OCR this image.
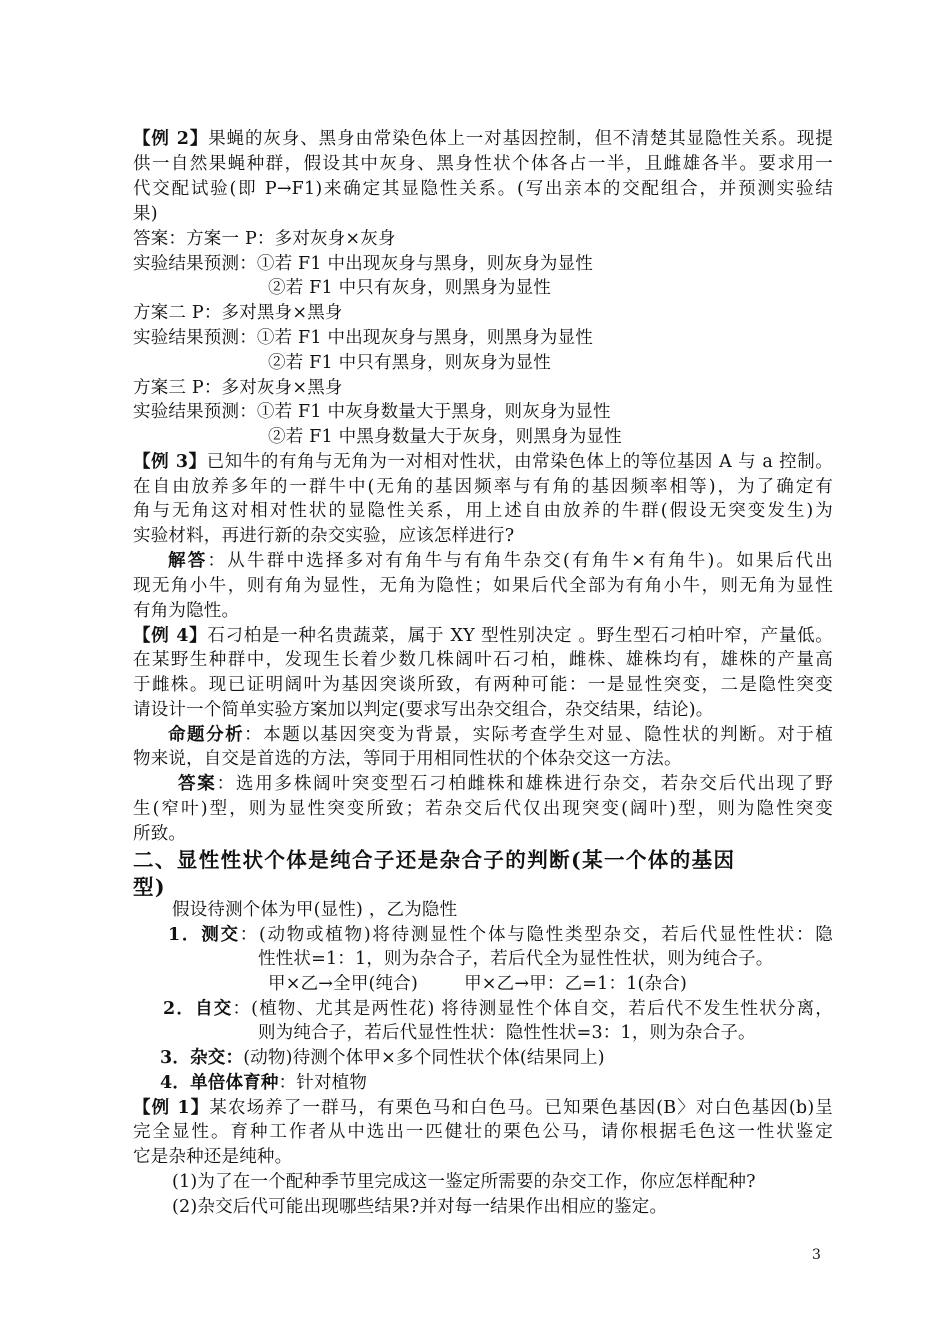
【例 2】果蝇的灰身、黑身由常染色体上一对基因控制，但不清楚其显隐性关系。现提
供一自然果蝇种群，假设其中灰身、黑身性状个体各占一半，且雌雄各半。要求用一
代交配试验(即 P→F1)来确定其显隐性关系。(写出亲本的交配组合，并预测实验结
果)
答案：方案一 P：多对灰身×灰身
实验结果预测：①若 F1 中出现灰身与黑身，则灰身为显性
②若 F1 中只有灰身，则黑身为显性
方案二 P：多对黑身×黑身
实验结果预测：①若 F1 中出现灰身与黑身，则黑身为显性
②若 F1 中只有黑身，则灰身为显性
方案三 P：多对灰身×黑身
实验结果预测：①若 F1 中灰身数量大于黑身，则灰身为显性
②若 F1 中黑身数量大于灰身，则黑身为显性
【例 3】已知牛的有角与无角为一对相对性状，由常染色体上的等位基因 A 与 a 控制。
在自由放养多年的一群牛中(无角的基因频率与有角的基因频率相等)，为了确定有
角与无角这对相对性状的显隐性关系，用上述自由放养的牛群(假设无突变发生)为
实验材料，再进行新的杂交实验，应该怎样进行?
解答：从牛群中选择多对有角牛与有角牛杂交(有角牛×有角牛)。如果后代出
现无角小牛，则有角为显性，无角为隐性；如果后代全部为有角小牛，则无角为显性
有角为隐性。
【例 4】石刁柏是一种名贵蔬菜，属于 XY 型性别决定 。野生型石刁柏叶窄，产量低。
在某野生种群中，发现生长着少数几株阔叶石刁柏，雌株、雄株均有，雄株的产量高
于雌株。现已证明阔叶为基因突谈所致，有两种可能：一是显性突变，二是隐性突变
请设计一个简单实验方案加以判定(要求写出杂交组合，杂交结果，结论)。
命题分析：本题以基因突变为背景，实际考查学生对显、隐性状的判断。对于植
物来说，自交是首选的方法，等同于用相同性状的个体杂交这一方法。
答案：选用多株阔叶突变型石刁柏雌株和雄株进行杂交，若杂交后代出现了野
生(窄叶)型，则为显性突变所致；若杂交后代仅出现突变(阔叶)型，则为隐性突变
所致。
二、显性性状个体是纯合子还是杂合子的判断(某一个体的基因
型)
假设待测个体为甲(显性) ，乙为隐性
1．测交：(动物或植物)将待测显性个体与隐性类型杂交，若后代显性性状：隐
性性状=1：1，则为杂合子，若后代全为显性性状，则为纯合子。
甲×乙→全甲(纯合)        甲×乙→甲：乙=1：1(杂合)
2．自交：(植物、尤其是两性花) 将待测显性个体自交，若后代不发生性状分离，
则为纯合子，若后代显性性状：隐性性状=3：1，则为杂合子。
3．杂交：(动物)待测个体甲×多个同性状个体(结果同上)
4．单倍体育种：针对植物
【例 1】某农场养了一群马，有栗色马和白色马。已知栗色基因(B〉对白色基因(b)呈
完全显性。育种工作者从中选出一匹健壮的栗色公马，请你根据毛色这一性状鉴定
它是杂种还是纯种。
(1)为了在一个配种季节里完成这一鉴定所需要的杂交工作，你应怎样配种?
(2)杂交后代可能出现哪些结果?并对每一结果作出相应的鉴定。
3
